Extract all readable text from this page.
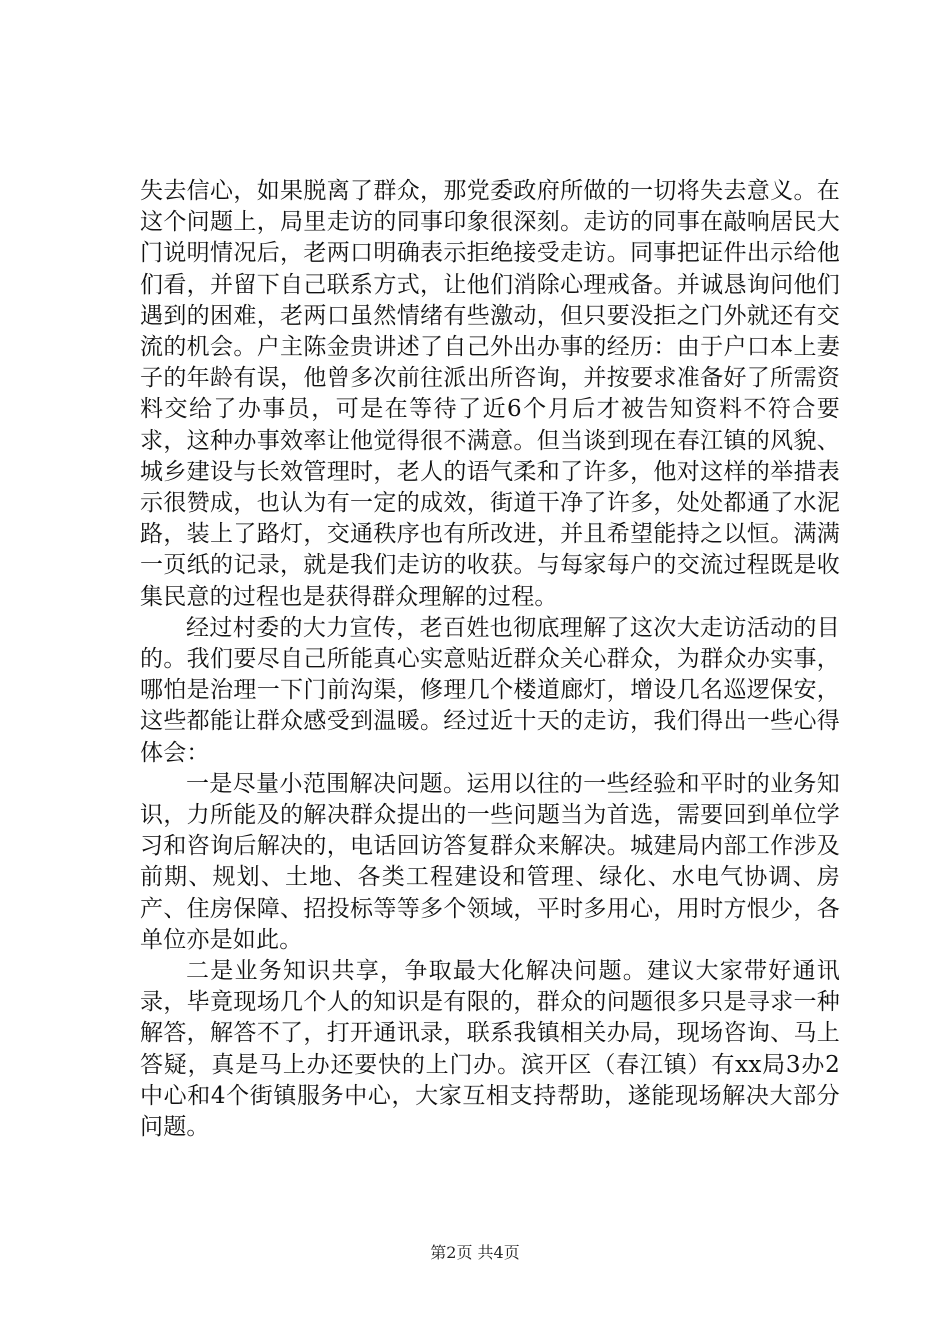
失去信心，如果脱离了群众，那党委政府所做的一切将失去意义。在这个问题上，局里走访的同事印象很深刻。走访的同事在敲响居民大门说明情况后，老两口明确表示拒绝接受走访。同事把证件出示给他们看，并留下自己联系方式，让他们消除心理戒备。并诚恳询问他们遇到的困难，老两口虽然情绪有些激动，但只要没拒之门外就还有交流的机会。户主陈金贵讲述了自己外出办事的经历：由于户口本上妻子的年龄有误，他曾多次前往派出所咨询，并按要求准备好了所需资料交给了办事员，可是在等待了近6个月后才被告知资料不符合要求，这种办事效率让他觉得很不满意。但当谈到现在春江镇的风貌、城乡建设与长效管理时，老人的语气柔和了许多，他对这样的举措表示很赞成，也认为有一定的成效，街道干净了许多，处处都通了水泥路，装上了路灯，交通秩序也有所改进，并且希望能持之以恒。满满一页纸的记录，就是我们走访的收获。与每家每户的交流过程既是收集民意的过程也是获得群众理解的过程。

经过村委的大力宣传，老百姓也彻底理解了这次大走访活动的目的。我们要尽自己所能真心实意贴近群众关心群众，为群众办实事，哪怕是治理一下门前沟渠，修理几个楼道廊灯，增设几名巡逻保安，这些都能让群众感受到温暖。经过近十天的走访，我们得出一些心得体会：

一是尽量小范围解决问题。运用以往的一些经验和平时的业务知识，力所能及的解决群众提出的一些问题当为首选，需要回到单位学习和咨询后解决的，电话回访答复群众来解决。城建局内部工作涉及前期、规划、土地、各类工程建设和管理、绿化、水电气协调、房产、住房保障、招投标等等多个领域，平时多用心，用时方恨少，各单位亦是如此。

二是业务知识共享，争取最大化解决问题。建议大家带好通讯录，毕竟现场几个人的知识是有限的，群众的问题很多只是寻求一种解答，解答不了，打开通讯录，联系我镇相关办局，现场咨询、马上答疑，真是马上办还要快的上门办。滨开区（春江镇）有xx局3办2中心和4个街镇服务中心，大家互相支持帮助，遂能现场解决大部分问题。

第2页 共4页
